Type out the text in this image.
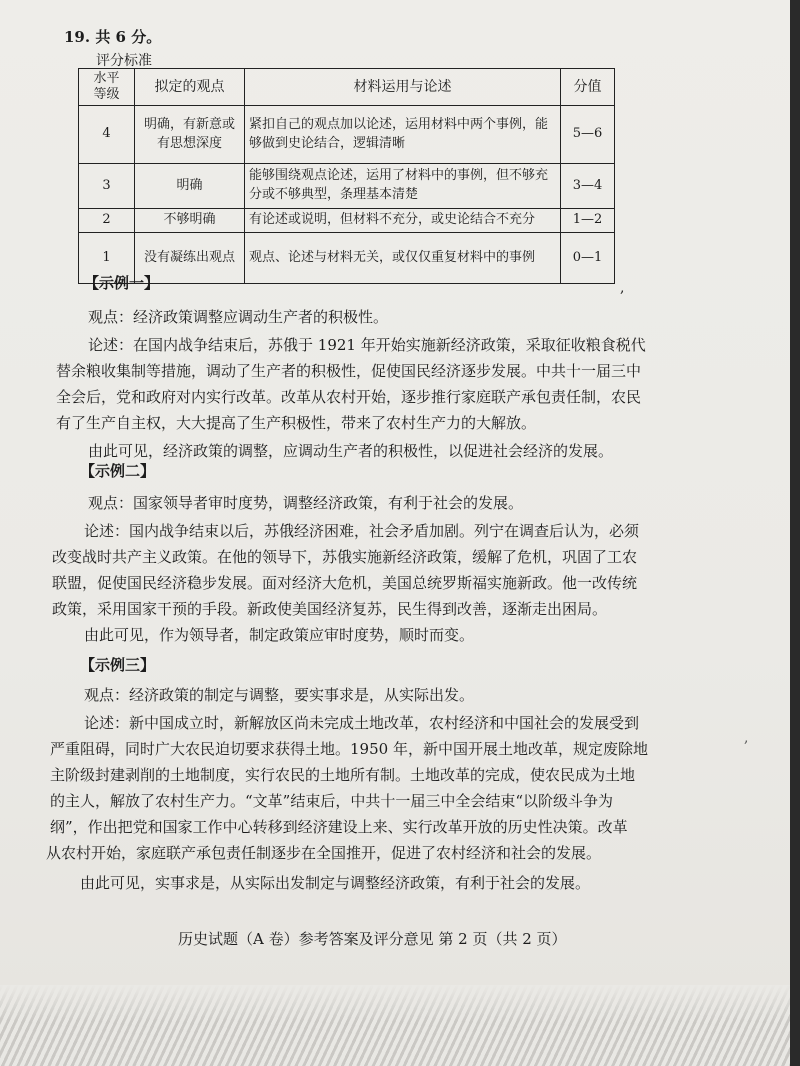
19. 共 6 分。
评分标准
水平
等级	拟定的观点	材料运用与论述	分值
4	明确，有新意或有思想深度	紧扣自己的观点加以论述，运用材料中两个事例，能够做到史论结合，逻辑清晰	5—6
3	明确	能够围绕观点论述，运用了材料中的事例，但不够充分或不够典型，条理基本清楚	3—4
2	不够明确	有论述或说明，但材料不充分，或史论结合不充分	1—2
1	没有凝练出观点	观点、论述与材料无关，或仅仅重复材料中的事例	0—1
,
【示例一】
观点：经济政策调整应调动生产者的积极性。
论述：在国内战争结束后，苏俄于 1921 年开始实施新经济政策，采取征收粮食税代
替余粮收集制等措施，调动了生产者的积极性，促使国民经济逐步发展。中共十一届三中
全会后，党和政府对内实行改革。改革从农村开始，逐步推行家庭联产承包责任制，农民
有了生产自主权，大大提高了生产积极性，带来了农村生产力的大解放。
由此可见，经济政策的调整，应调动生产者的积极性，以促进社会经济的发展。
【示例二】
观点：国家领导者审时度势，调整经济政策，有利于社会的发展。
论述：国内战争结束以后，苏俄经济困难，社会矛盾加剧。列宁在调查后认为，必须
改变战时共产主义政策。在他的领导下，苏俄实施新经济政策，缓解了危机，巩固了工农
联盟，促使国民经济稳步发展。面对经济大危机，美国总统罗斯福实施新政。他一改传统
政策，采用国家干预的手段。新政使美国经济复苏，民生得到改善，逐渐走出困局。
由此可见，作为领导者，制定政策应审时度势，顺时而变。
【示例三】
观点：经济政策的制定与调整，要实事求是，从实际出发。
论述：新中国成立时，新解放区尚未完成土地改革，农村经济和中国社会的发展受到
严重阻碍，同时广大农民迫切要求获得土地。1950 年，新中国开展土地改革，规定废除地
主阶级封建剥削的土地制度，实行农民的土地所有制。土地改革的完成，使农民成为土地
的主人，解放了农村生产力。“文革”结束后，中共十一届三中全会结束“以阶级斗争为
纲”，作出把党和国家工作中心转移到经济建设上来、实行改革开放的历史性决策。改革
从农村开始，家庭联产承包责任制逐步在全国推开，促进了农村经济和社会的发展。
由此可见，实事求是，从实际出发制定与调整经济政策，有利于社会的发展。
,
历史试题（A 卷）参考答案及评分意见 第 2 页（共 2 页）
